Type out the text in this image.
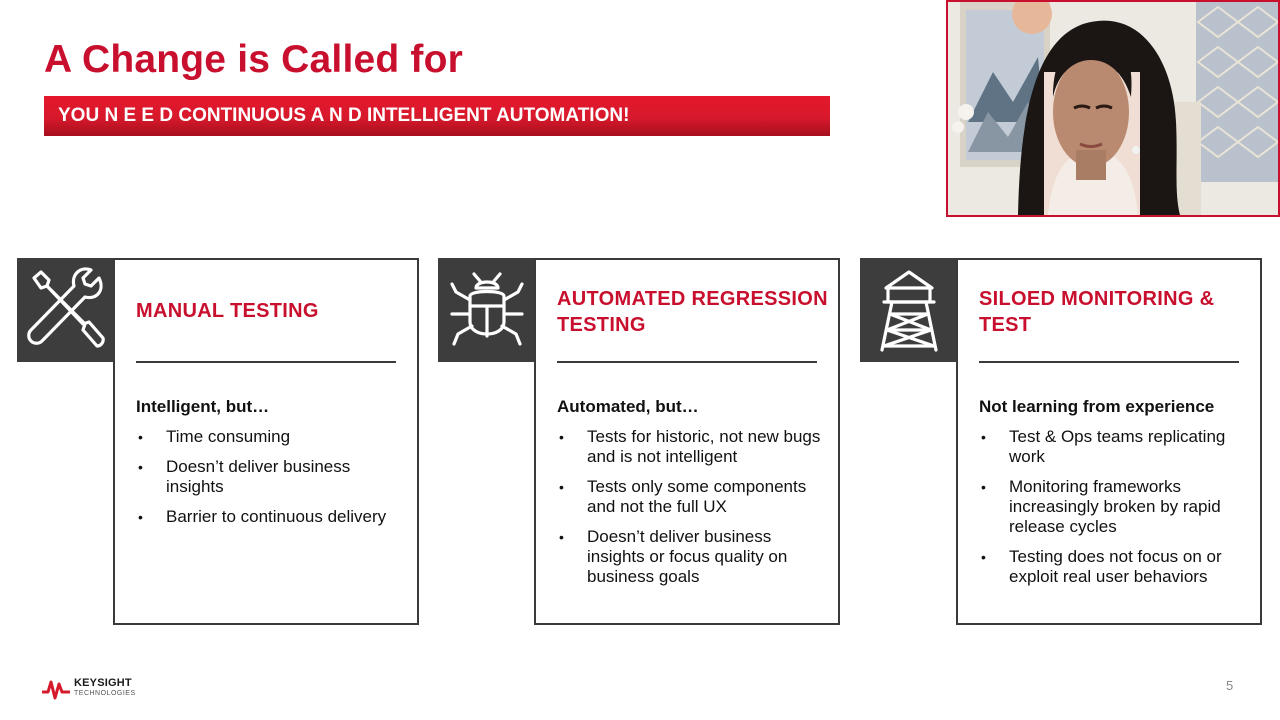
A Change is Called for
YOU N E E D CONTINUOUS A N D INTELLIGENT AUTOMATION!
MANUAL TESTING
Intelligent, but…
• Time consuming
• Doesn’t deliver business insights
• Barrier to continuous delivery
AUTOMATED REGRESSION TESTING
Automated, but…
• Tests for historic, not new bugs and is not intelligent
• Tests only some components and not the full UX
• Doesn’t deliver business insights or focus quality on business goals
SILOED MONITORING & TEST
Not learning from experience
• Test & Ops teams replicating work
• Monitoring frameworks increasingly broken by rapid release cycles
• Testing does not focus on or exploit real user behaviors
KEYSIGHT
TECHNOLOGIES
5
